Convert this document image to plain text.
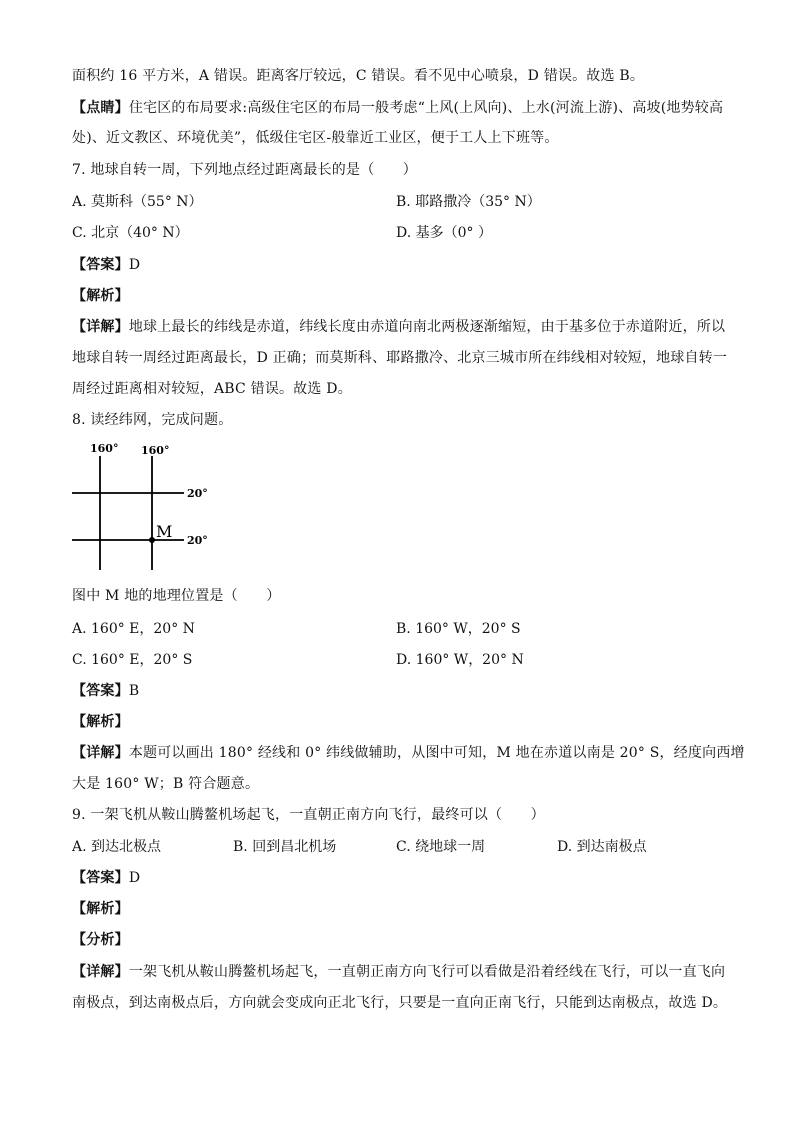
面积约 16 平方米，A 错误。距离客厅较远，C 错误。看不见中心喷泉，D 错误。故选 B。
【点睛】住宅区的布局要求:高级住宅区的布局一般考虑“上风(上风向)、上水(河流上游)、高坡(地势较高
处)、近文教区、环境优美”，低级住宅区-般靠近工业区，便于工人上下班等。
7. 地球自转一周，下列地点经过距离最长的是（　　）
A. 莫斯科（55° N）	B. 耶路撒冷（35° N）
C. 北京（40° N）	D. 基多（0° ）
【答案】D
【解析】
【详解】地球上最长的纬线是赤道，纬线长度由赤道向南北两极逐渐缩短，由于基多位于赤道附近，所以
地球自转一周经过距离最长，D 正确；而莫斯科、耶路撒冷、北京三城市所在纬线相对较短，地球自转一
周经过距离相对较短，ABC 错误。故选 D。
8. 读经纬网，完成问题。
160° 160°
20°
20°
M
图中 M 地的地理位置是（　　）
A. 160° E，20° N	B. 160° W，20° S
C. 160° E，20° S	D. 160° W，20° N
【答案】B
【解析】
【详解】本题可以画出 180° 经线和 0° 纬线做辅助，从图中可知，M 地在赤道以南是 20° S，经度向西增
大是 160° W；B 符合题意。
9. 一架飞机从鞍山腾鳌机场起飞，一直朝正南方向飞行，最终可以（　　）
A. 到达北极点	B. 回到昌北机场	C. 绕地球一周	D. 到达南极点
【答案】D
【解析】
【分析】
【详解】一架飞机从鞍山腾鳌机场起飞，一直朝正南方向飞行可以看做是沿着经线在飞行，可以一直飞向
南极点，到达南极点后，方向就会变成向正北飞行，只要是一直向正南飞行，只能到达南极点，故选 D。
